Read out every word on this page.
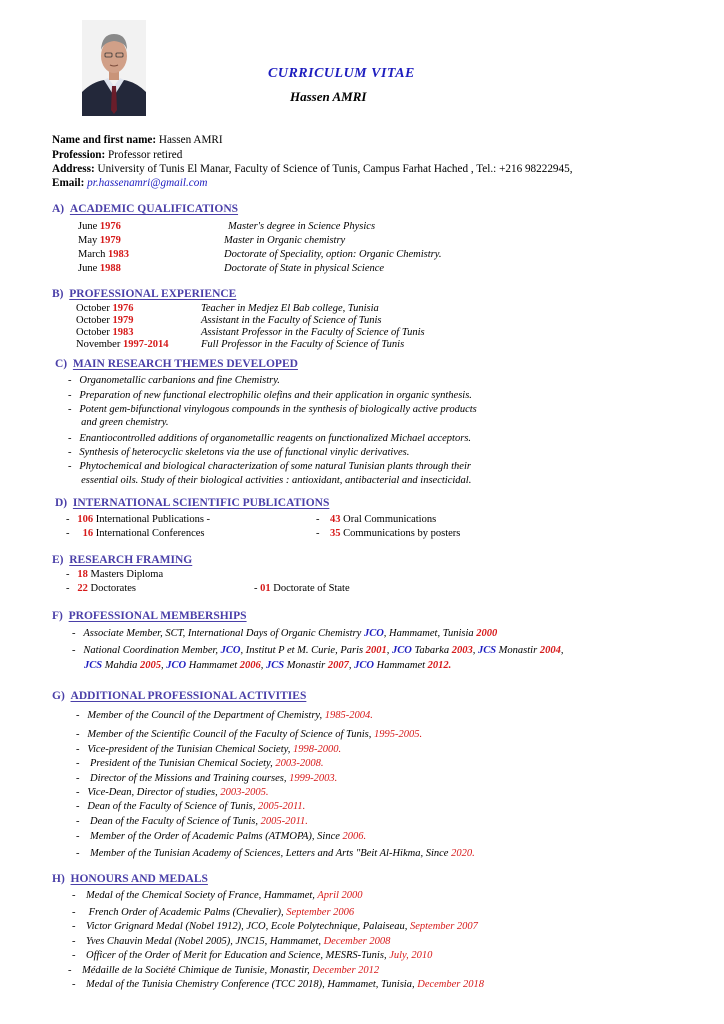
CURRICULUM VITAE
Hassen AMRI
Name and first name: Hassen AMRI
Profession: Professor retired
Address: University of Tunis El Manar, Faculty of Science of Tunis, Campus Farhat Hached , Tel.: +216 98222945,
Email: pr.hassenamri@gmail.com
A) ACADEMIC QUALIFICATIONS
June 1976	Master's degree in Science Physics
May 1979	Master in Organic chemistry
March 1983	Doctorate of Speciality, option: Organic Chemistry.
June 1988	Doctorate of State in physical Science
B) PROFESSIONAL EXPERIENCE
October 1976	Teacher in Medjez El Bab college, Tunisia
October 1979	Assistant in the Faculty of Science of Tunis
October 1983	Assistant Professor in the Faculty of Science of Tunis
November 1997-2014	Full Professor in the Faculty of Science of Tunis
C) MAIN RESEARCH THEMES DEVELOPED
-   Organometallic carbanions and fine Chemistry.
-   Preparation of new functional electrophilic olefins and their application in organic synthesis.
-   Potent gem-bifunctional vinylogous compounds in the synthesis of biologically active products
and green chemistry.
-   Enantiocontrolled additions of organometallic reagents on functionalized Michael acceptors.
-   Synthesis of heterocyclic skeletons via the use of functional vinylic derivatives.
-   Phytochemical and biological characterization of some natural Tunisian plants through their
essential oils. Study of their biological activities : antioxidant, antibacterial and insecticidal.
D) INTERNATIONAL SCIENTIFIC PUBLICATIONS
-   106 International Publications -
-     16 International Conferences
-    43 Oral Communications
-    35 Communications by posters
E) RESEARCH FRAMING
-   18 Masters Diploma
-   22 Doctorates	- 01 Doctorate of State
F) PROFESSIONAL MEMBERSHIPS
-   Associate Member, SCT, International Days of Organic Chemistry JCO, Hammamet, Tunisia 2000
-   National Coordination Member, JCO, Institut P et M. Curie, Paris 2001, JCO Tabarka 2003, JCS Monastir 2004,
JCS Mahdia 2005, JCO Hammamet 2006, JCS Monastir 2007, JCO Hammamet 2012.
G) ADDITIONAL PROFESSIONAL ACTIVITIES
-   Member of the Council of the Department of Chemistry, 1985-2004.
-   Member of the Scientific Council of the Faculty of Science of Tunis, 1995-2005.
-   Vice-president of the Tunisian Chemical Society, 1998-2000.
-    President of the Tunisian Chemical Society, 2003-2008.
-    Director of the Missions and Training courses, 1999-2003.
-   Vice-Dean, Director of studies, 2003-2005.
-   Dean of the Faculty of Science of Tunis, 2005-2011.
-    Dean of the Faculty of Science of Tunis, 2005-2011.
-    Member of the Order of Academic Palms (ATMOPA), Since 2006.
-    Member of the Tunisian Academy of Sciences, Letters and Arts "Beit Al-Hikma, Since 2020.
H) HONOURS AND MEDALS
-    Medal of the Chemical Society of France, Hammamet, April 2000
-     French Order of Academic Palms (Chevalier), September 2006
-    Victor Grignard Medal (Nobel 1912), JCO, Ecole Polytechnique, Palaiseau, September 2007
-    Yves Chauvin Medal (Nobel 2005), JNC15, Hammamet, December 2008
-    Officer of the Order of Merit for Education and Science, MESRS-Tunis, July, 2010
-    Médaille de la Société Chimique de Tunisie, Monastir, December 2012
-    Medal of the Tunisia Chemistry Conference (TCC 2018), Hammamet, Tunisia, December 2018
